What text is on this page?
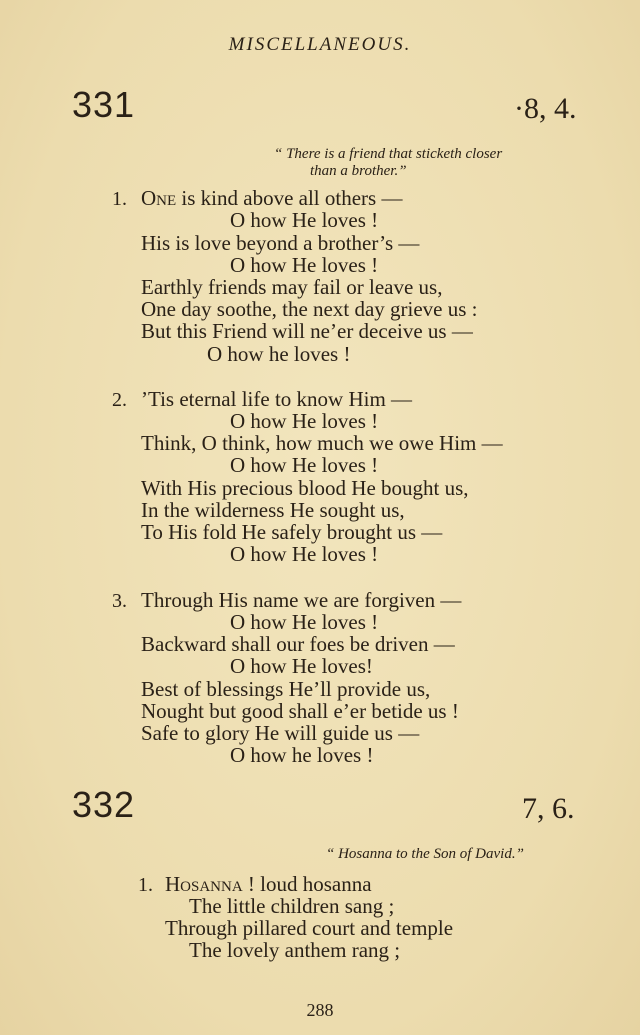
MISCELLANEOUS.
331	·8, 4.
“ There is a friend that sticketh closer
than a brother.”
1. One is kind above all others —
O how He loves !
His is love beyond a brother’s —
O how He loves !
Earthly friends may fail or leave us,
One day soothe, the next day grieve us :
But this Friend will ne’er deceive us —
O how he loves !
2. ’Tis eternal life to know Him —
O how He loves !
Think, O think, how much we owe Him —
O how He loves !
With His precious blood He bought us,
In the wilderness He sought us,
To His fold He safely brought us —
O how He loves !
3. Through His name we are forgiven —
O how He loves !
Backward shall our foes be driven —
O how He loves!
Best of blessings He’ll provide us,
Nought but good shall e’er betide us !
Safe to glory He will guide us —
O how he loves !
332	7, 6.
“ Hosanna to the Son of David.”
1. Hosanna ! loud hosanna
The little children sang ;
Through pillared court and temple
The lovely anthem rang ;
288
